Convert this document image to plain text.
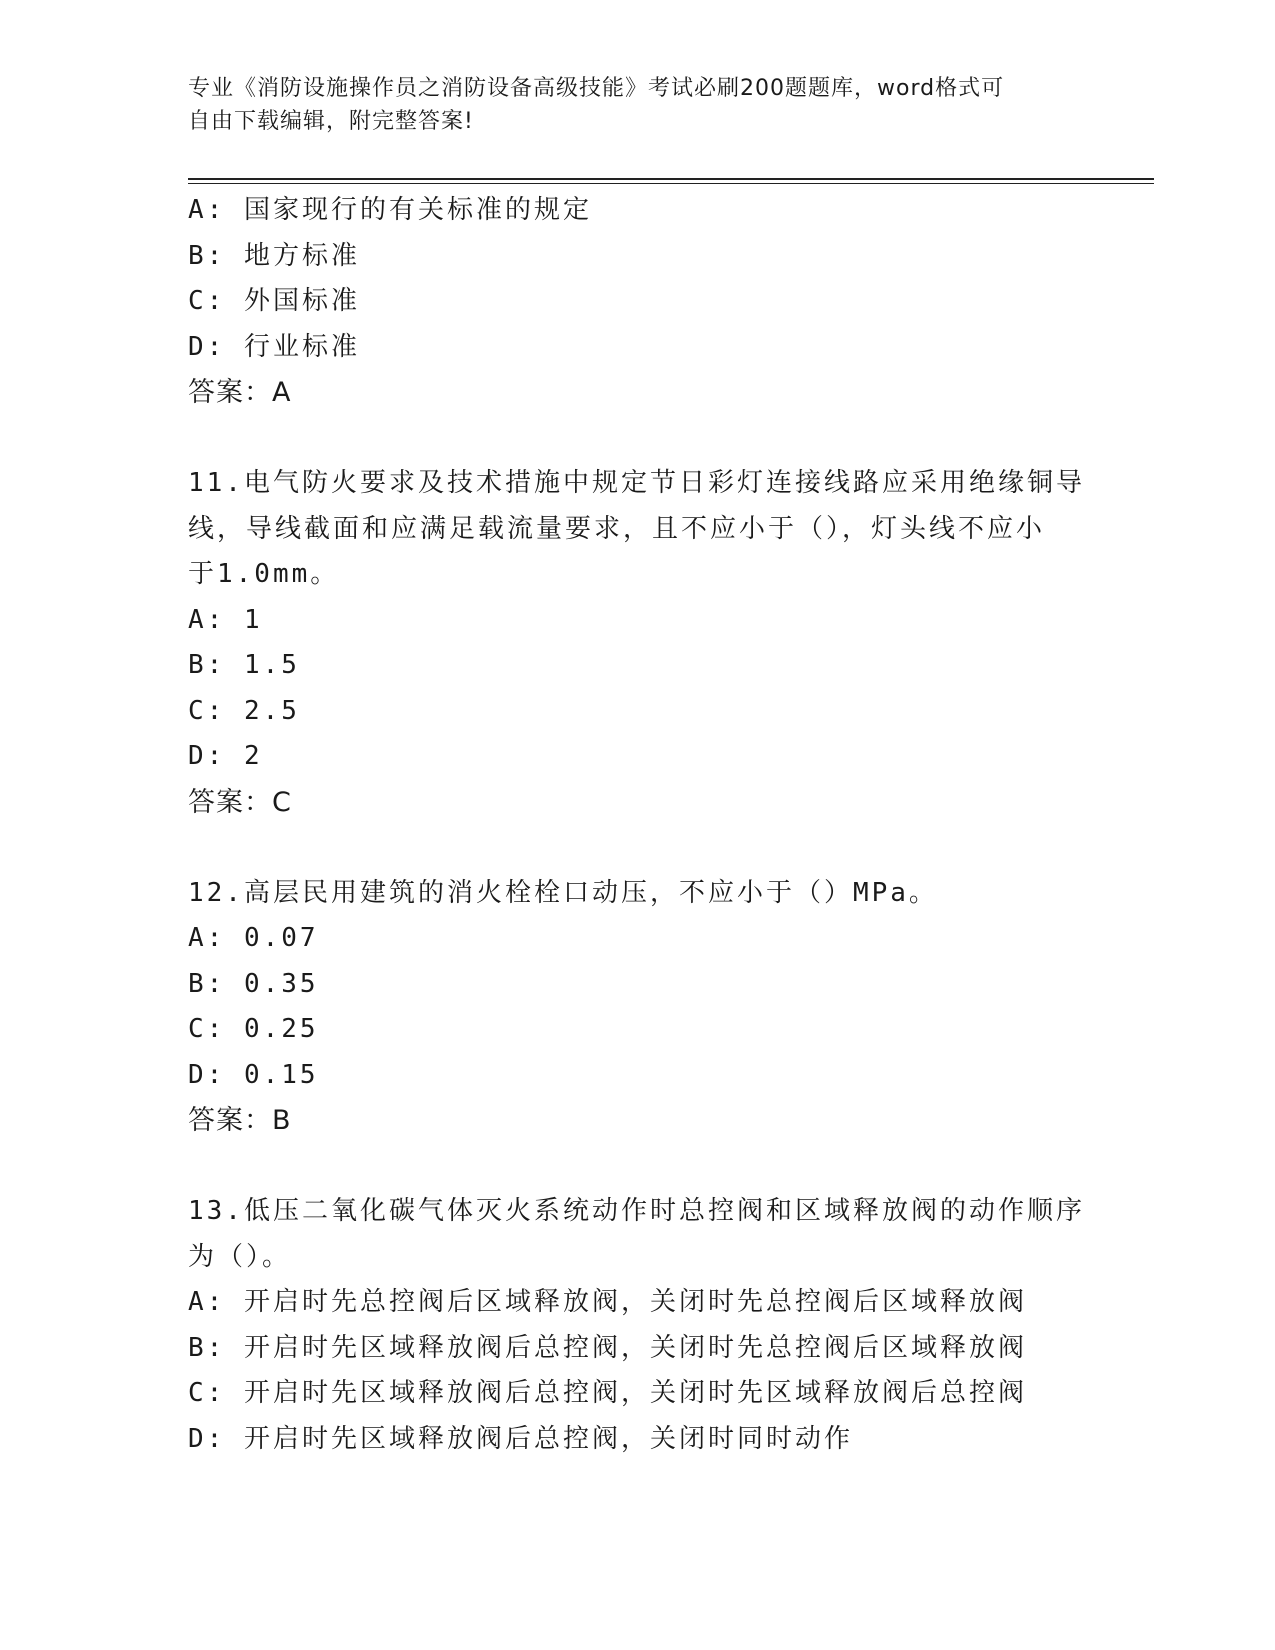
专业《消防设施操作员之消防设备高级技能》考试必刷200题题库，word格式可
自由下载编辑，附完整答案!
A: 国家现行的有关标准的规定
B: 地方标准
C: 外国标准
D: 行业标准
答案：A
11.电气防火要求及技术措施中规定节日彩灯连接线路应采用绝缘铜导
线，导线截面和应满足载流量要求，且不应小于（），灯头线不应小
于1.0mm。
A: 1
B: 1.5
C: 2.5
D: 2
答案：C
12.高层民用建筑的消火栓栓口动压，不应小于（）MPa。
A: 0.07
B: 0.35
C: 0.25
D: 0.15
答案：B
13.低压二氧化碳气体灭火系统动作时总控阀和区域释放阀的动作顺序
为（）。
A: 开启时先总控阀后区域释放阀，关闭时先总控阀后区域释放阀
B: 开启时先区域释放阀后总控阀，关闭时先总控阀后区域释放阀
C: 开启时先区域释放阀后总控阀，关闭时先区域释放阀后总控阀
D: 开启时先区域释放阀后总控阀，关闭时同时动作
